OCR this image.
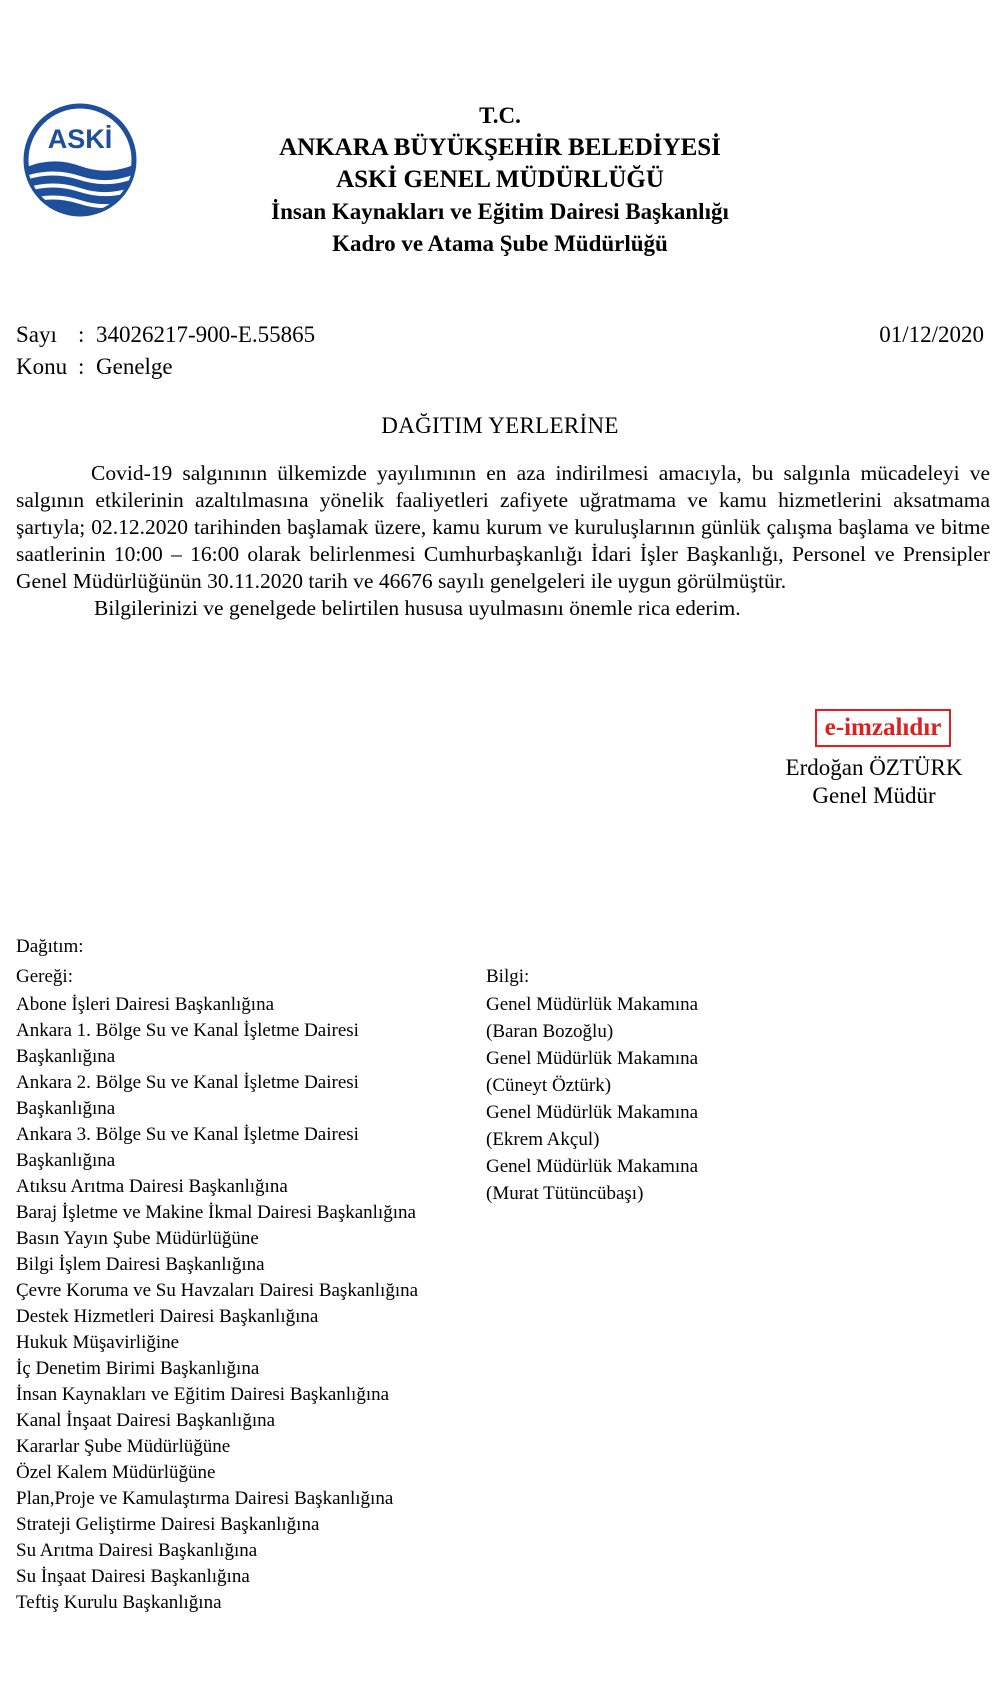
ASKİ
T.C.
ANKARA BÜYÜKŞEHİR BELEDİYESİ
ASKİ GENEL MÜDÜRLÜĞÜ
İnsan Kaynakları ve Eğitim Dairesi Başkanlığı
Kadro ve Atama Şube Müdürlüğü
Sayı : 34026217-900-E.55865
Konu : Genelge
01/12/2020
DAĞITIM YERLERİNE

Covid-19 salgınının ülkemizde yayılımının en aza indirilmesi amacıyla, bu salgınla mücadeleyi ve salgının etkilerinin azaltılmasına yönelik faaliyetleri zafiyete uğratmama ve kamu hizmetlerini aksatmama şartıyla; 02.12.2020 tarihinden başlamak üzere, kamu kurum ve kuruluşlarının günlük çalışma başlama ve bitme saatlerinin 10:00 – 16:00 olarak belirlenmesi Cumhurbaşkanlığı İdari İşler Başkanlığı, Personel ve Prensipler Genel Müdürlüğünün 30.11.2020 tarih ve 46676 sayılı genelgeleri ile uygun görülmüştür.

Bilgilerinizi ve genelgede belirtilen hususa uyulmasını önemle rica ederim.

e-imzalıdır
Erdoğan ÖZTÜRK
Genel Müdür
Dağıtım:
Gereği:	Bilgi:
Abone İşleri Dairesi Başkanlığına
Ankara 1. Bölge Su ve Kanal İşletme Dairesi
Başkanlığına
Ankara 2. Bölge Su ve Kanal İşletme Dairesi
Başkanlığına
Ankara 3. Bölge Su ve Kanal İşletme Dairesi
Başkanlığına
Atıksu Arıtma Dairesi Başkanlığına
Baraj İşletme ve Makine İkmal Dairesi Başkanlığına
Basın Yayın Şube Müdürlüğüne
Bilgi İşlem Dairesi Başkanlığına
Çevre Koruma ve Su Havzaları Dairesi Başkanlığına
Destek Hizmetleri Dairesi Başkanlığına
Hukuk Müşavirliğine
İç Denetim Birimi Başkanlığına
İnsan Kaynakları ve Eğitim Dairesi Başkanlığına
Kanal İnşaat Dairesi Başkanlığına
Kararlar Şube Müdürlüğüne
Özel Kalem Müdürlüğüne
Plan,Proje ve Kamulaştırma Dairesi Başkanlığına
Strateji Geliştirme Dairesi Başkanlığına
Su Arıtma Dairesi Başkanlığına
Su İnşaat Dairesi Başkanlığına
Teftiş Kurulu Başkanlığına
Genel Müdürlük Makamına
(Baran Bozoğlu)
Genel Müdürlük Makamına
(Cüneyt Öztürk)
Genel Müdürlük Makamına
(Ekrem Akçul)
Genel Müdürlük Makamına
(Murat Tütüncübaşı)
